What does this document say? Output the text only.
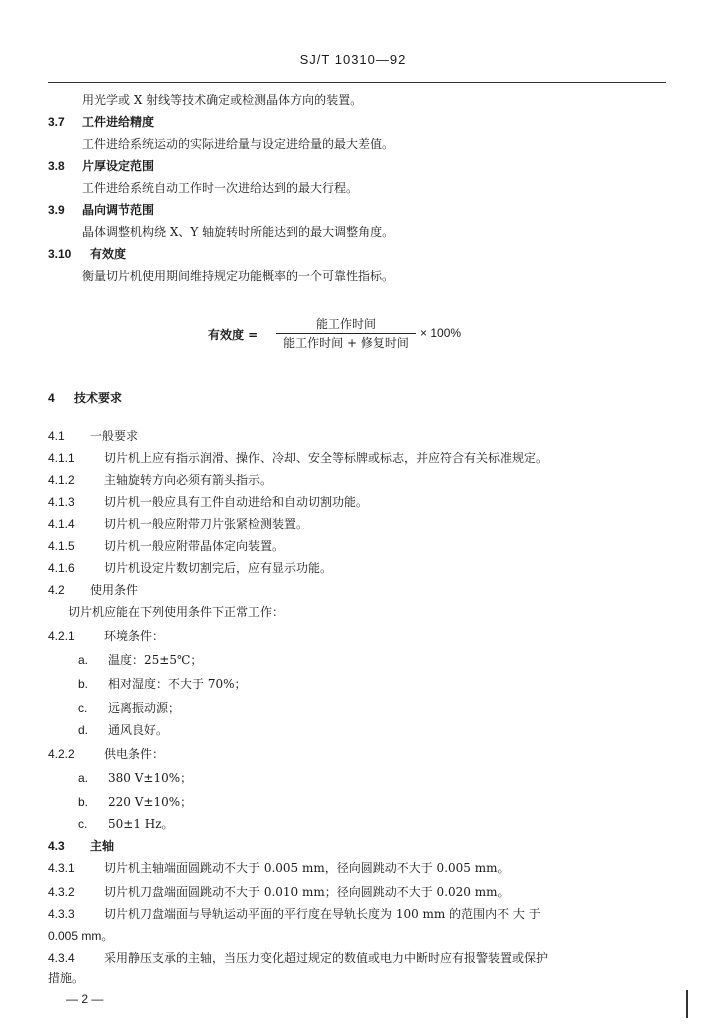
SJ/T 10310—92
用光学或 X 射线等技术确定或检测晶体方向的装置。
3.7 工件进给精度
工件进给系统运动的实际进给量与设定进给量的最大差值。
3.8 片厚设定范围
工件进给系统自动工作时一次进给达到的最大行程。
3.9 晶向调节范围
晶体调整机构绕 X、Y 轴旋转时所能达到的最大调整角度。
3.10 有效度
衡量切片机使用期间维持规定功能概率的一个可靠性指标。
有效度 =
能工作时间
能工作时间 + 修复时间
× 100%
4 技术要求
4.1 一般要求
4.1.1 切片机上应有指示润滑、操作、冷却、安全等标牌或标志，并应符合有关标准规定。
4.1.2 主轴旋转方向必须有箭头指示。
4.1.3 切片机一般应具有工件自动进给和自动切割功能。
4.1.4 切片机一般应附带刀片张紧检测装置。
4.1.5 切片机一般应附带晶体定向装置。
4.1.6 切片机设定片数切割完后，应有显示功能。
4.2 使用条件
切片机应能在下列使用条件下正常工作：
4.2.1 环境条件：
a. 温度：25±5℃；
b. 相对湿度：不大于 70%；
c. 远离振动源；
d. 通风良好。
4.2.2 供电条件：
a. 380 V±10%；
b. 220 V±10%；
c. 50±1 Hz。
4.3 主轴
4.3.1 切片机主轴端面圆跳动不大于 0.005 mm，径向圆跳动不大于 0.005 mm。
4.3.2 切片机刀盘端面圆跳动不大于 0.010 mm；径向圆跳动不大于 0.020 mm。
4.3.3 切片机刀盘端面与导轨运动平面的平行度在导轨长度为 100 mm 的范围内不 大 于
0.005 mm。
4.3.4 采用静压支承的主轴，当压力变化超过规定的数值或电力中断时应有报警装置或保护
措施。
— 2 —
